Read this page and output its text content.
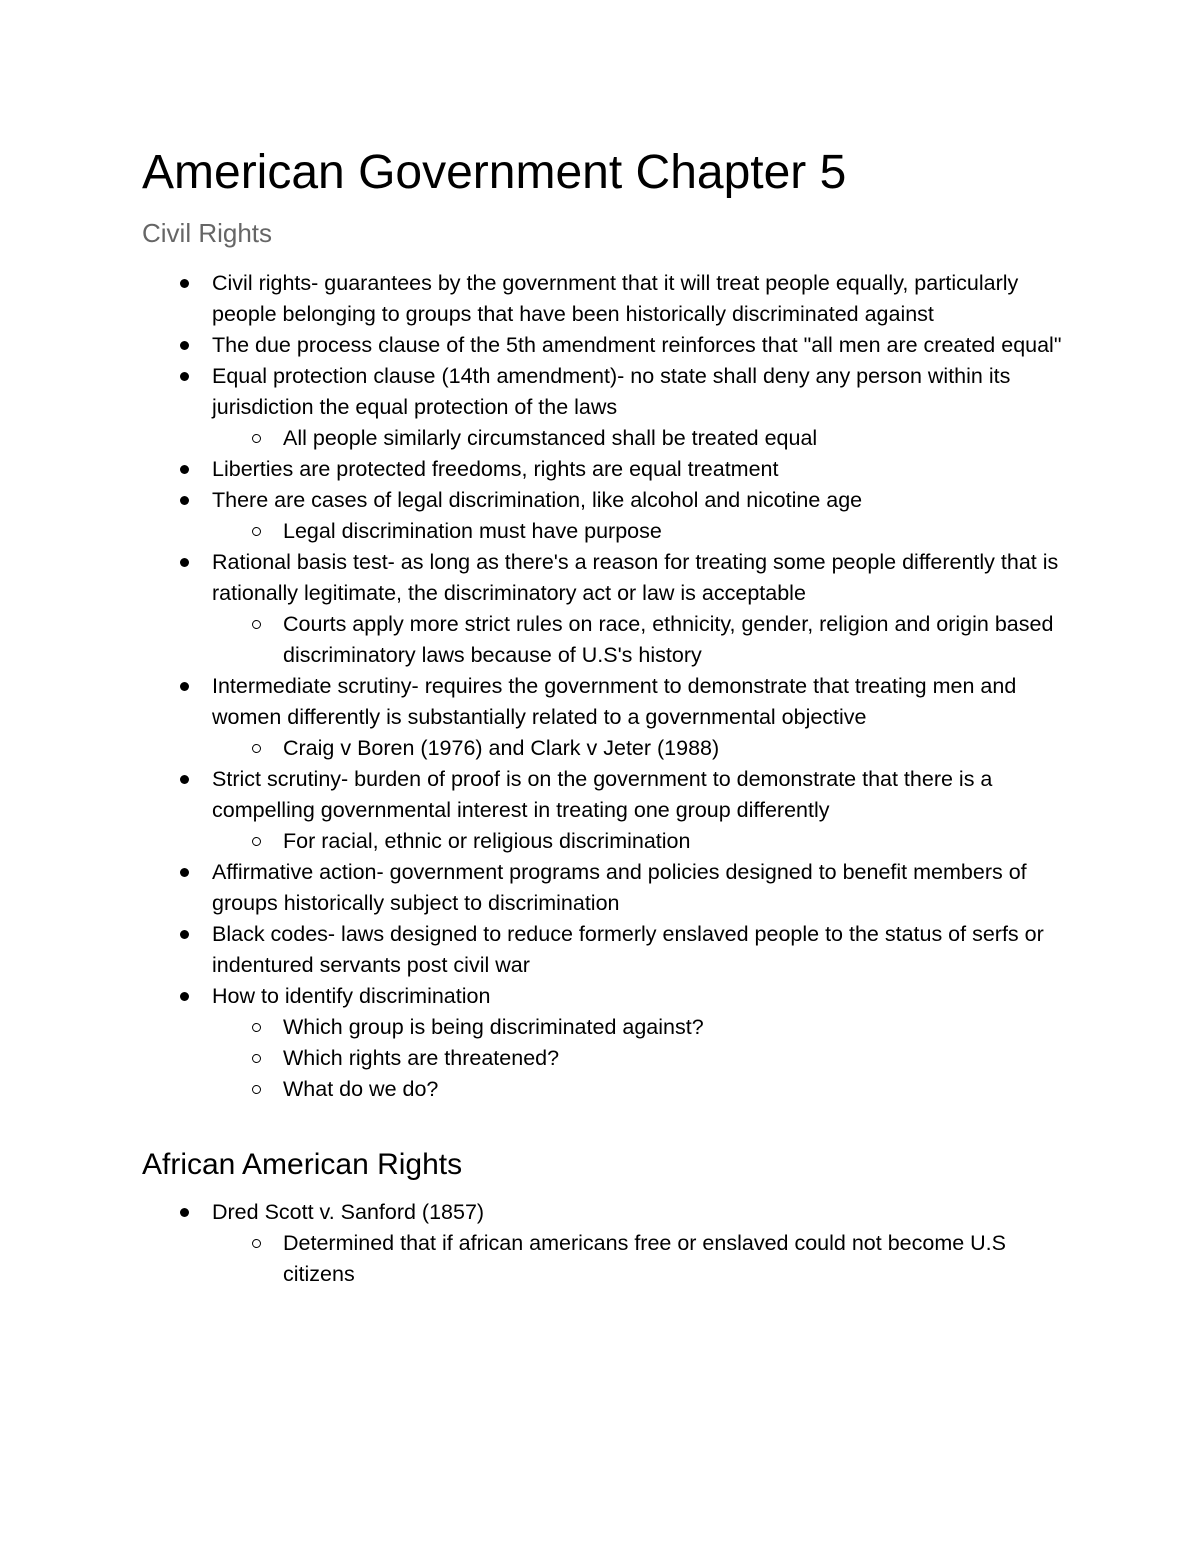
American Government Chapter 5
Civil Rights
Civil rights- guarantees by the government that it will treat people equally, particularly people belonging to groups that have been historically discriminated against
The due process clause of the 5th amendment reinforces that "all men are created equal"
Equal protection clause (14th amendment)- no state shall deny any person within its jurisdiction the equal protection of the laws
All people similarly circumstanced shall be treated equal
Liberties are protected freedoms, rights are equal treatment
There are cases of legal discrimination, like alcohol and nicotine age
Legal discrimination must have purpose
Rational basis test- as long as there's a reason for treating some people differently that is rationally legitimate, the discriminatory act or law is acceptable
Courts apply more strict rules on race, ethnicity, gender, religion and origin based discriminatory laws because of U.S's history
Intermediate scrutiny- requires the government to demonstrate that treating men and women differently is substantially related to a governmental objective
Craig v Boren (1976) and Clark v Jeter (1988)
Strict scrutiny- burden of proof is on the government to demonstrate that there is a compelling governmental interest in treating one group differently
For racial, ethnic or religious discrimination
Affirmative action- government programs and policies designed to benefit members of groups historically subject to discrimination
Black codes- laws designed to reduce formerly enslaved people to the status of serfs or indentured servants post civil war
How to identify discrimination
Which group is being discriminated against?
Which rights are threatened?
What do we do?
African American Rights
Dred Scott v. Sanford (1857)
Determined that if african americans free or enslaved could not become U.S citizens
